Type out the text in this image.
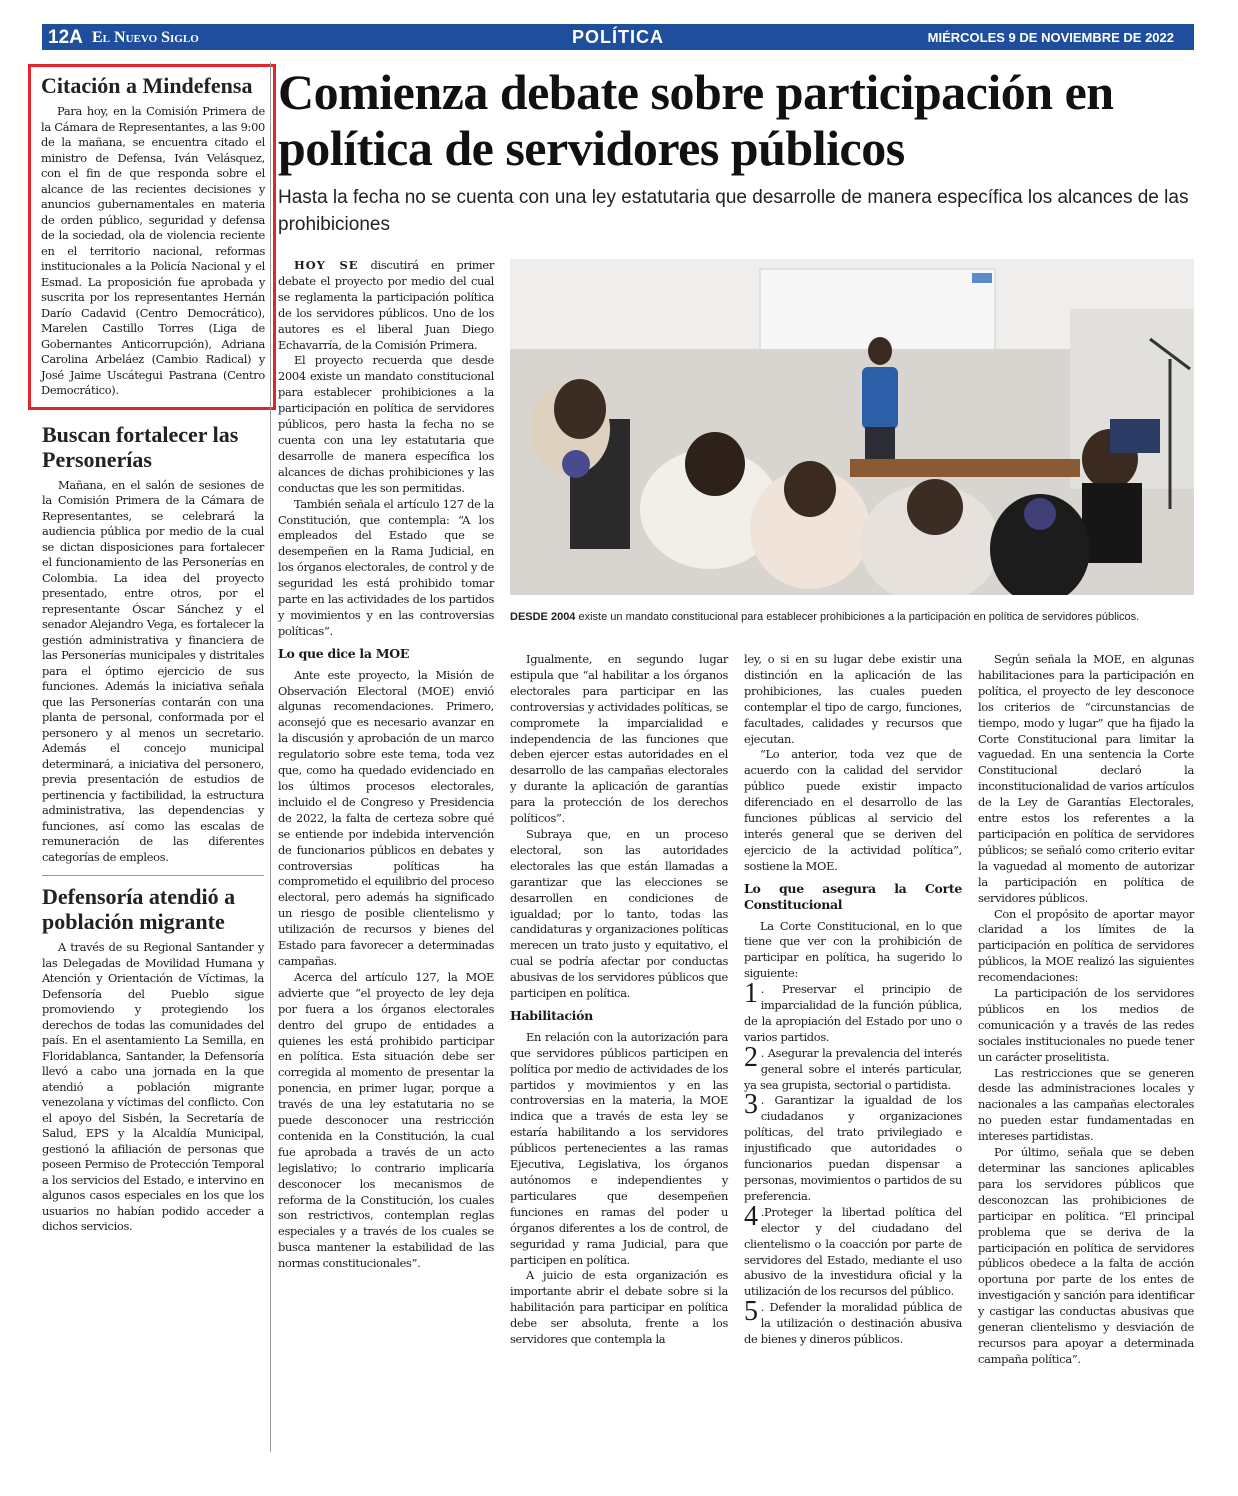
12A El Nuevo Siglo	POLÍTICA	MIÉRCOLES 9 DE NOVIEMBRE DE 2022
Citación a Mindefensa

Para hoy, en la Comisión Primera de la Cámara de Representantes, a las 9:00 de la mañana, se encuentra citado el ministro de Defensa, Iván Velásquez, con el fin de que responda sobre el alcance de las recientes decisiones y anuncios gubernamentales en materia de orden público, seguridad y defensa de la sociedad, ola de violencia reciente en el territorio nacional, reformas institucionales a la Policía Nacional y el Esmad. La proposición fue aprobada y suscrita por los representantes Hernán Darío Cadavid (Centro Democrático), Marelen Castillo Torres (Liga de Gobernantes Anticorrupción), Adriana Carolina Arbeláez (Cambio Radical) y José Jaime Uscátegui Pastrana (Centro Democrático).

Buscan fortalecer las Personerías

Mañana, en el salón de sesiones de la Comisión Primera de la Cámara de Representantes, se celebrará la audiencia pública por medio de la cual se dictan disposiciones para fortalecer el funcionamiento de las Personerías en Colombia. La idea del proyecto presentado, entre otros, por el representante Óscar Sánchez y el senador Alejandro Vega, es fortalecer la gestión administrativa y financiera de las Personerías municipales y distritales para el óptimo ejercicio de sus funciones. Además la iniciativa señala que las Personerías contarán con una planta de personal, conformada por el personero y al menos un secretario. Además el concejo municipal determinará, a iniciativa del personero, previa presentación de estudios de pertinencia y factibilidad, la estructura administrativa, las dependencias y funciones, así como las escalas de remuneración de las diferentes categorías de empleos.

Defensoría atendió a población migrante

A través de su Regional Santander y las Delegadas de Movilidad Humana y Atención y Orientación de Víctimas, la Defensoría del Pueblo sigue promoviendo y protegiendo los derechos de todas las comunidades del país. En el asentamiento La Semilla, en Floridablanca, Santander, la Defensoría llevó a cabo una jornada en la que atendió a población migrante venezolana y víctimas del conflicto. Con el apoyo del Sisbén, la Secretaría de Salud, EPS y la Alcaldía Municipal, gestionó la afiliación de personas que poseen Permiso de Protección Temporal a los servicios del Estado, e intervino en algunos casos especiales en los que los usuarios no habían podido acceder a dichos servicios.

Comienza debate sobre participación en política de servidores públicos

Hasta la fecha no se cuenta con una ley estatutaria que desarrolle de manera específica los alcances de las prohibiciones

HOY SE discutirá en primer debate el proyecto por medio del cual se reglamenta la participación política de los servidores públicos. Uno de los autores es el liberal Juan Diego Echavarría, de la Comisión Primera.

El proyecto recuerda que desde 2004 existe un mandato constitucional para establecer prohibiciones a la participación en política de servidores públicos, pero hasta la fecha no se cuenta con una ley estatutaria que desarrolle de manera específica los alcances de dichas prohibiciones y las conductas que les son permitidas.

También señala el artículo 127 de la Constitución, que contempla: “A los empleados del Estado que se desempeñen en la Rama Judicial, en los órganos electorales, de control y de seguridad les está prohibido tomar parte en las actividades de los partidos y movimientos y en las controversias políticas”.

Lo que dice la MOE

Ante este proyecto, la Misión de Observación Electoral (MOE) envió algunas recomendaciones. Primero, aconsejó que es necesario avanzar en la discusión y aprobación de un marco regulatorio sobre este tema, toda vez que, como ha quedado evidenciado en los últimos procesos electorales, incluido el de Congreso y Presidencia de 2022, la falta de certeza sobre qué se entiende por indebida intervención de funcionarios públicos en debates y controversias políticas ha comprometido el equilibrio del proceso electoral, pero además ha significado un riesgo de posible clientelismo y utilización de recursos y bienes del Estado para favorecer a determinadas campañas.

Acerca del artículo 127, la MOE advierte que “el proyecto de ley deja por fuera a los órganos electorales dentro del grupo de entidades a quienes les está prohibido participar en política. Esta situación debe ser corregida al momento de presentar la ponencia, en primer lugar, porque a través de una ley estatutaria no se puede desconocer una restricción contenida en la Constitución, la cual fue aprobada a través de un acto legislativo; lo contrario implicaría desconocer los mecanismos de reforma de la Constitución, los cuales son restrictivos, contemplan reglas especiales y a través de los cuales se busca mantener la estabilidad de las normas constitucionales”.

DESDE 2004 existe un mandato constitucional para establecer prohibiciones a la participación en política de servidores públicos.

Igualmente, en segundo lugar estipula que “al habilitar a los órganos electorales para participar en las controversias y actividades políticas, se compromete la imparcialidad e independencia de las funciones que deben ejercer estas autoridades en el desarrollo de las campañas electorales y durante la aplicación de garantías para la protección de los derechos políticos”.

Subraya que, en un proceso electoral, son las autoridades electorales las que están llamadas a garantizar que las elecciones se desarrollen en condiciones de igualdad; por lo tanto, todas las candidaturas y organizaciones políticas merecen un trato justo y equitativo, el cual se podría afectar por conductas abusivas de los servidores públicos que participen en política.

Habilitación

En relación con la autorización para que servidores públicos participen en política por medio de actividades de los partidos y movimientos y en las controversias en la materia, la MOE indica que a través de esta ley se estaría habilitando a los servidores públicos pertenecientes a las ramas Ejecutiva, Legislativa, los órganos autónomos e independientes y particulares que desempeñen funciones en ramas del poder u órganos diferentes a los de control, de seguridad y rama Judicial, para que participen en política.

A juicio de esta organización es importante abrir el debate sobre si la habilitación para participar en política debe ser absoluta, frente a los servidores que contempla la

ley, o si en su lugar debe existir una distinción en la aplicación de las prohibiciones, las cuales pueden contemplar el tipo de cargo, funciones, facultades, calidades y recursos que ejecutan.

“Lo anterior, toda vez que de acuerdo con la calidad del servidor público puede existir impacto diferenciado en el desarrollo de las funciones públicas al servicio del interés general que se deriven del ejercicio de la actividad política”, sostiene la MOE.

Lo que asegura la Corte Constitucional

La Corte Constitucional, en lo que tiene que ver con la prohibición de participar en política, ha sugerido lo siguiente:

1 . Preservar el principio de imparcialidad de la función pública, de la apropiación del Estado por uno o varios partidos.

2 . Asegurar la prevalencia del interés general sobre el interés particular, ya sea grupista, sectorial o partidista.

3 . Garantizar la igualdad de los ciudadanos y organizaciones políticas, del trato privilegiado e injustificado que autoridades o funcionarios puedan dispensar a personas, movimientos o partidos de su preferencia.

4 .Proteger la libertad política del elector y del ciudadano del clientelismo o la coacción por parte de servidores del Estado, mediante el uso abusivo de la investidura oficial y la utilización de los recursos del público.

5 . Defender la moralidad pública de la utilización o destinación abusiva de bienes y dineros públicos.

Según señala la MOE, en algunas habilitaciones para la participación en política, el proyecto de ley desconoce los criterios de “circunstancias de tiempo, modo y lugar” que ha fijado la Corte Constitucional para limitar la vaguedad. En una sentencia la Corte Constitucional declaró la inconstitucionalidad de varios artículos de la Ley de Garantías Electorales, entre estos los referentes a la participación en política de servidores públicos; se señaló como criterio evitar la vaguedad al momento de autorizar la participación en política de servidores públicos.

Con el propósito de aportar mayor claridad a los límites de la participación en política de servidores públicos, la MOE realizó las siguientes recomendaciones:

La participación de los servidores públicos en los medios de comunicación y a través de las redes sociales institucionales no puede tener un carácter proselitista.

Las restricciones que se generen desde las administraciones locales y nacionales a las campañas electorales no pueden estar fundamentadas en intereses partidistas.

Por último, señala que se deben determinar las sanciones aplicables para los servidores públicos que desconozcan las prohibiciones de participar en política. “El principal problema que se deriva de la participación en política de servidores públicos obedece a la falta de acción oportuna por parte de los entes de investigación y sanción para identificar y castigar las conductas abusivas que generan clientelismo y desviación de recursos para apoyar a determinada campaña política”.
